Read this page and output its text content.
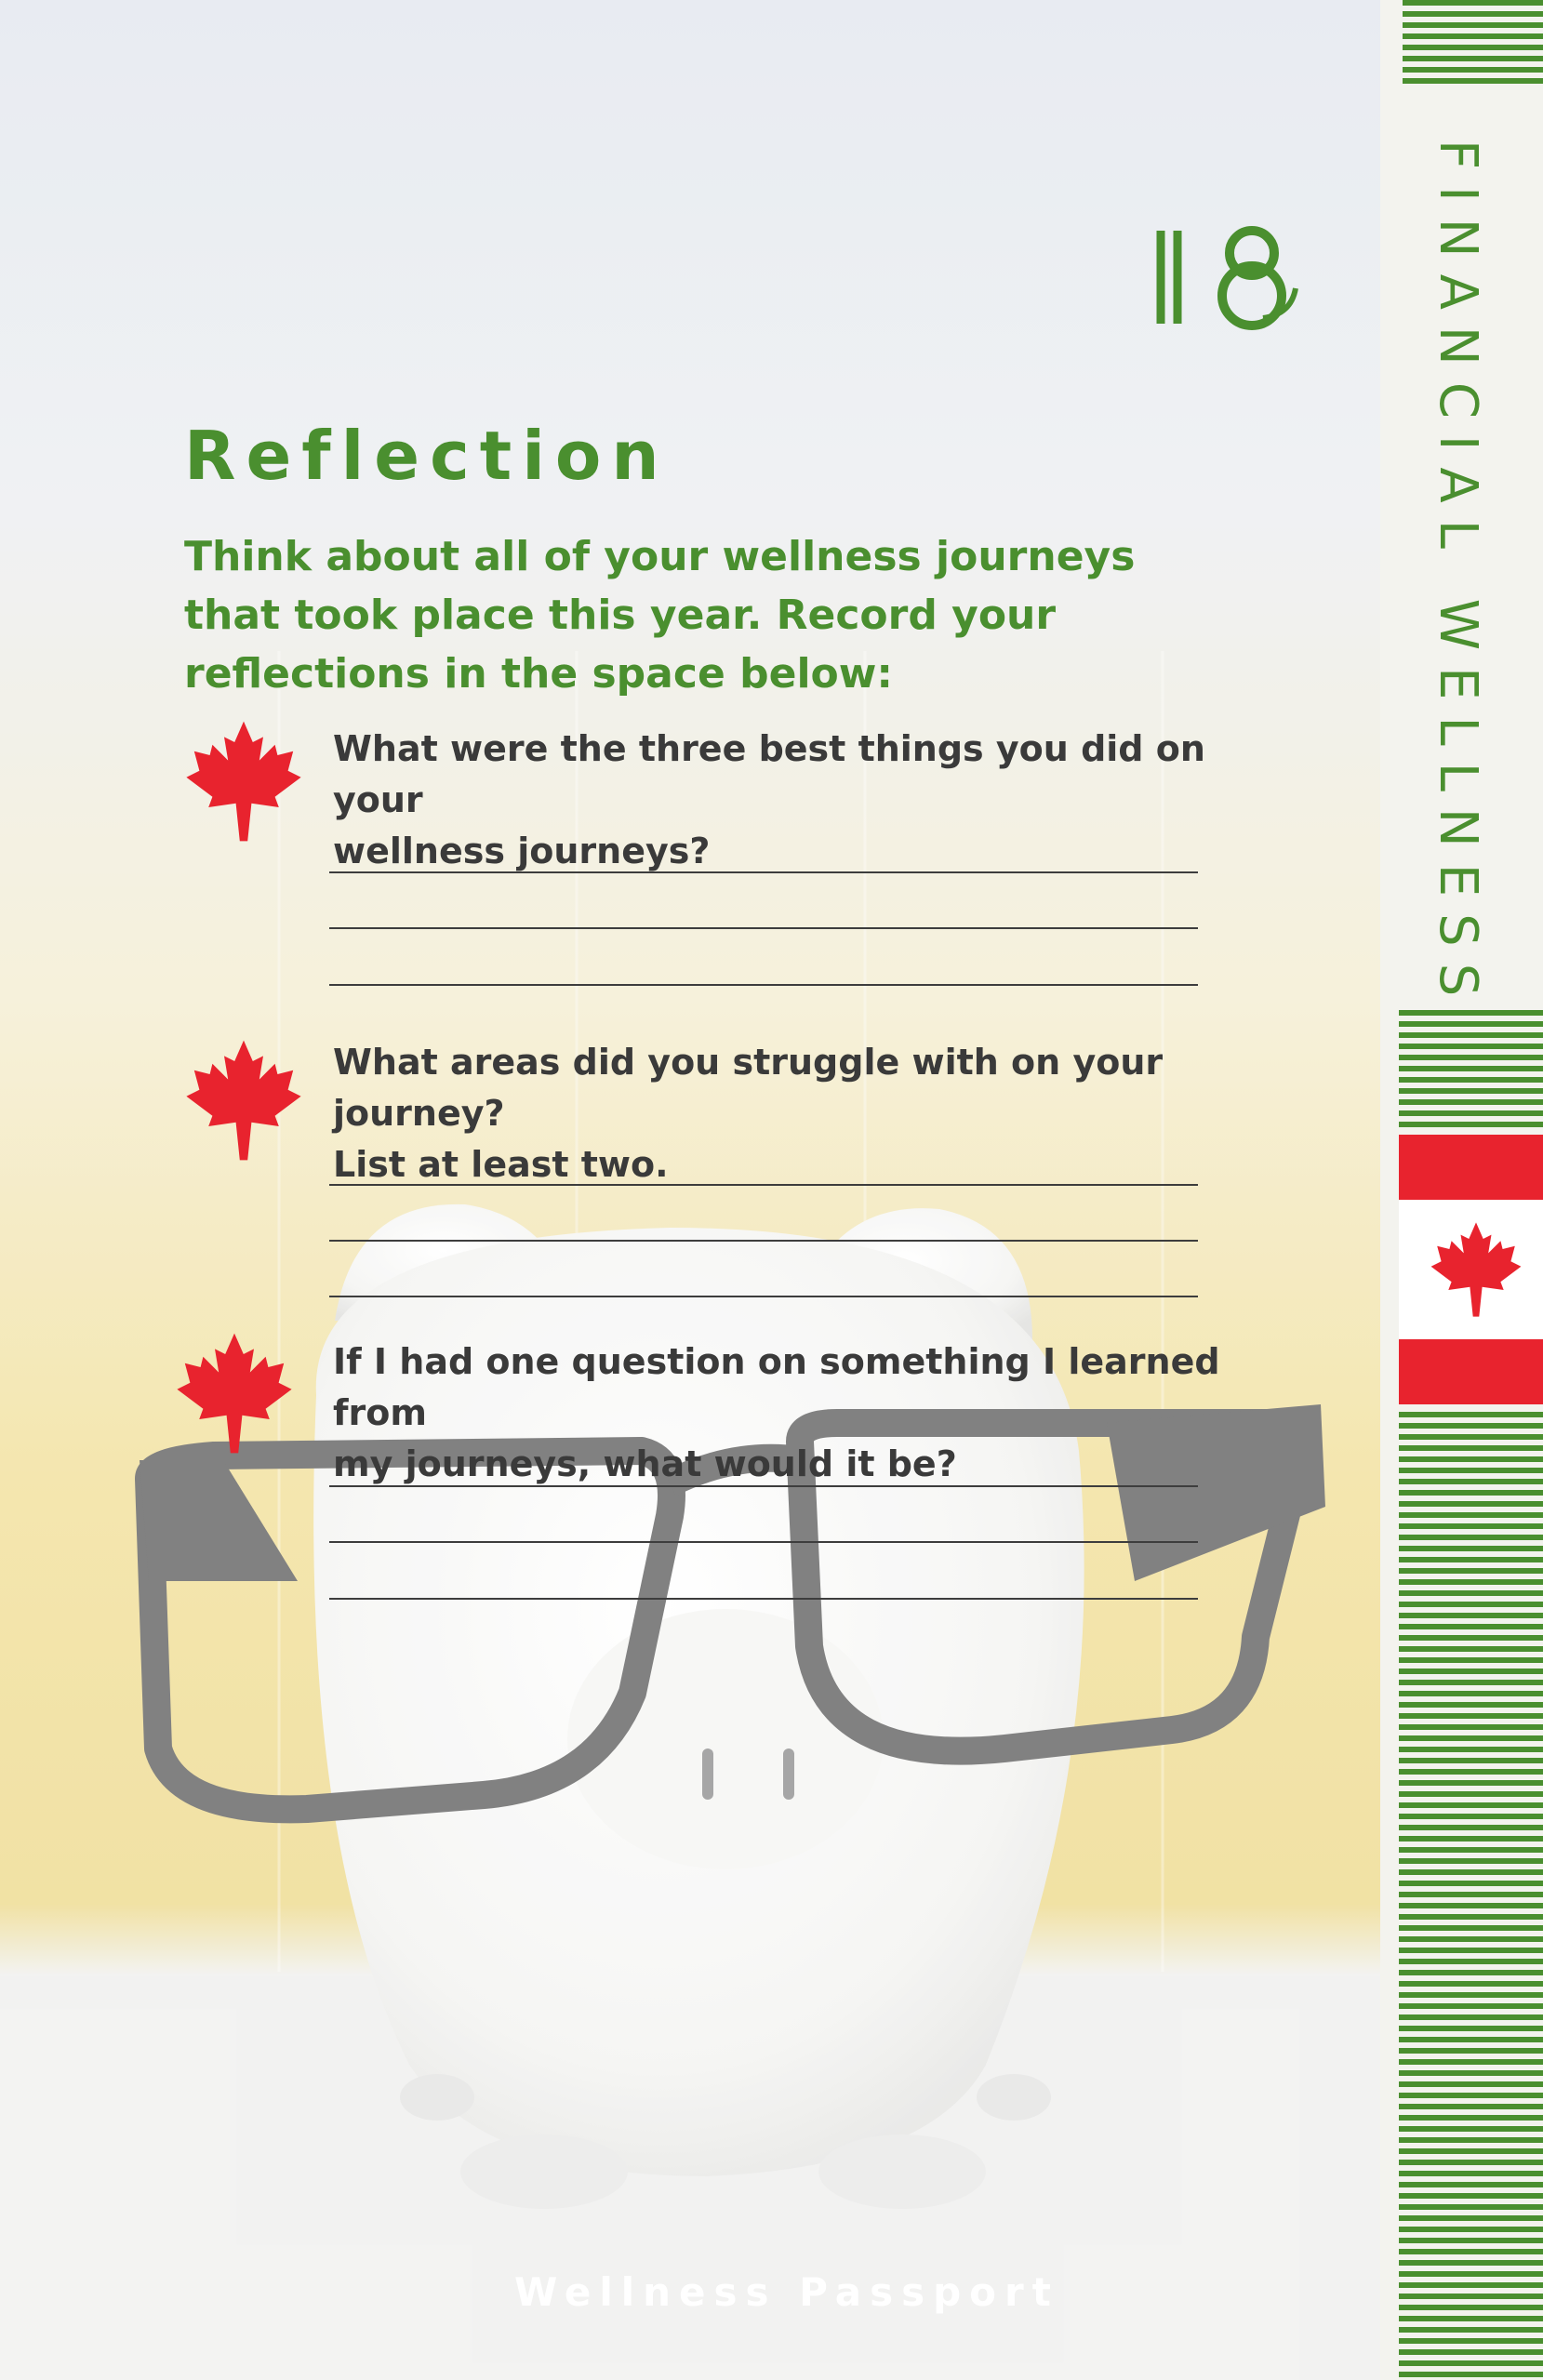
FINANCIAL WELLNESS
Reflection

Think about all of your wellness journeys that took place this year. Record your reflections in the space below:

What were the three best things you did on your
wellness journeys?

What areas did you struggle with on your journey?
List at least two.

If I had one question on something I learned from
my journeys, what would it be?

Wellness Passport
